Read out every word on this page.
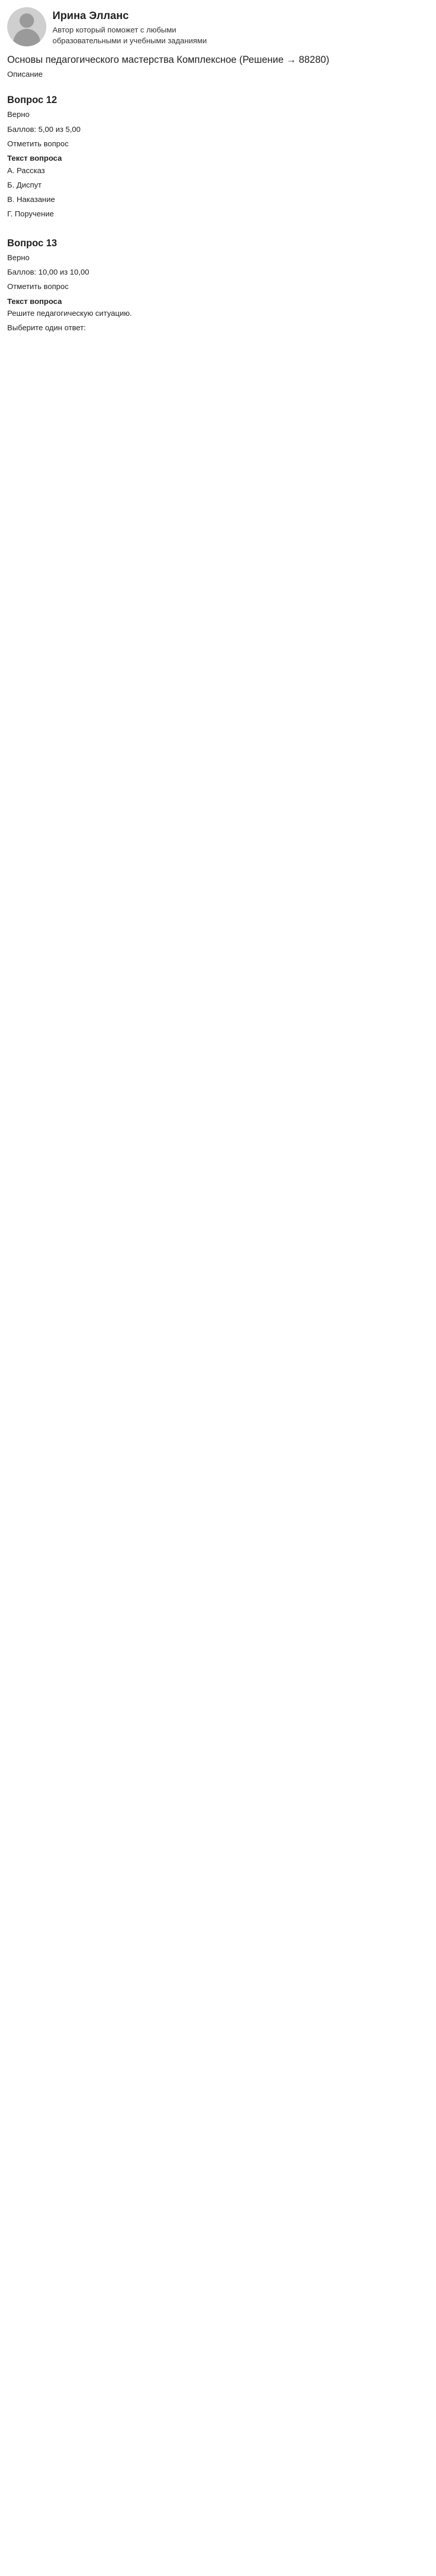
Ирина Элланс
Автор который поможет с любыми образовательными и учебными заданиями
Основы педагогического мастерства Комплексное (Решение → 88280)

Описание

Вопрос 12

Верно

Баллов: 5,00 из 5,00

Отметить вопрос

Текст вопроса

A. Рассказ

Б. Диспут

В. Наказание

Г. Поручение

Вопрос 13

Верно

Баллов: 10,00 из 10,00

Отметить вопрос

Текст вопроса

Решите педагогическую ситуацию.

Выберите один ответ:
